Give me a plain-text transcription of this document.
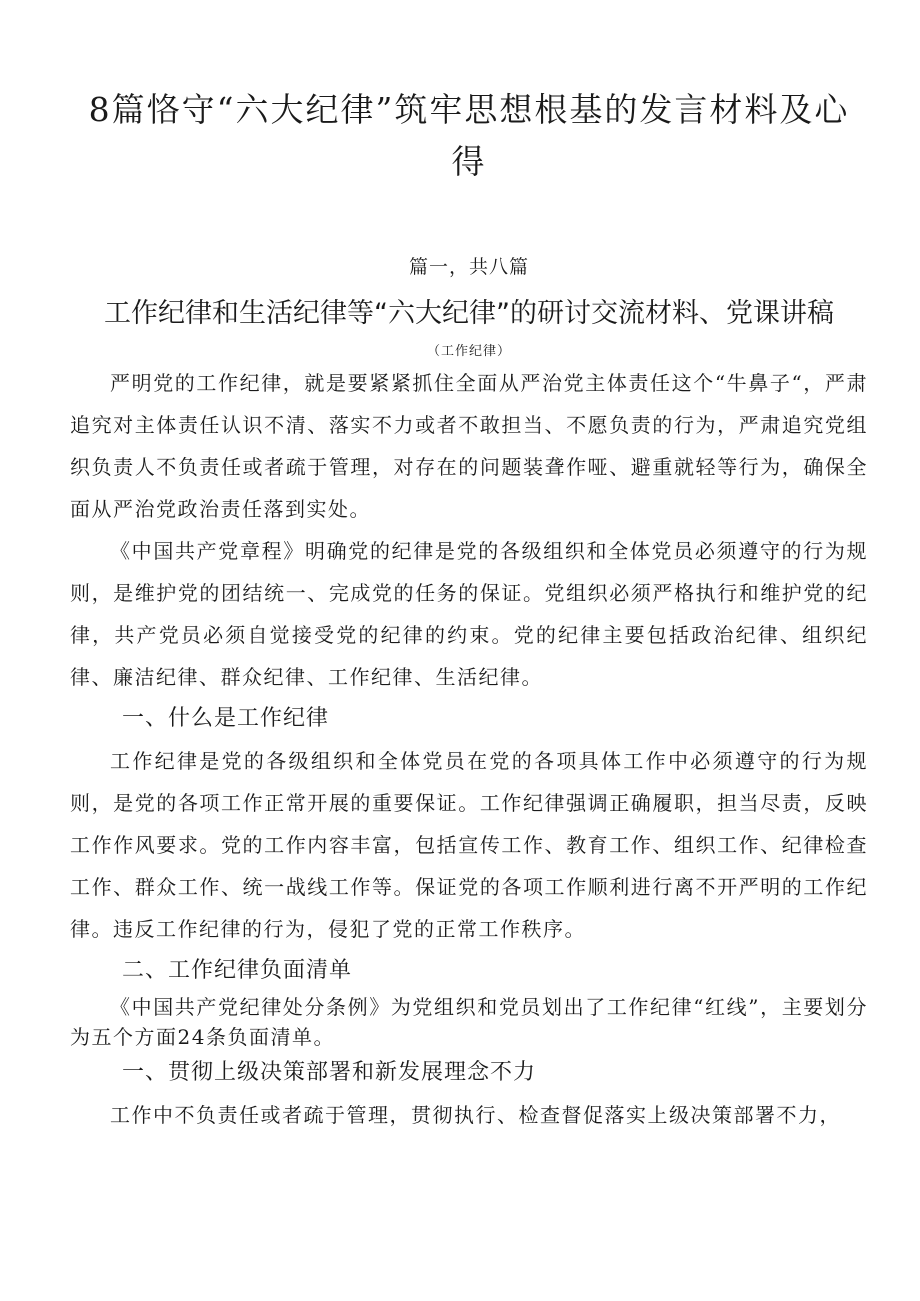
8篇恪守“六大纪律”筑牢思想根基的发言材料及心得
篇一，共八篇
工作纪律和生活纪律等“六大纪律”的研讨交流材料、党课讲稿
（工作纪律）

严明党的工作纪律，就是要紧紧抓住全面从严治党主体责任这个“牛鼻子“，严肃追究对主体责任认识不清、落实不力或者不敢担当、不愿负责的行为，严肃追究党组织负责人不负责任或者疏于管理，对存在的问题装聋作哑、避重就轻等行为，确保全面从严治党政治责任落到实处。

《中国共产党章程》明确党的纪律是党的各级组织和全体党员必须遵守的行为规则，是维护党的团结统一、完成党的任务的保证。党组织必须严格执行和维护党的纪律，共产党员必须自觉接受党的纪律的约束。党的纪律主要包括政治纪律、组织纪律、廉洁纪律、群众纪律、工作纪律、生活纪律。

一、什么是工作纪律

工作纪律是党的各级组织和全体党员在党的各项具体工作中必须遵守的行为规则，是党的各项工作正常开展的重要保证。工作纪律强调正确履职，担当尽责，反映工作作风要求。党的工作内容丰富，包括宣传工作、教育工作、组织工作、纪律检查工作、群众工作、统一战线工作等。保证党的各项工作顺利进行离不开严明的工作纪律。违反工作纪律的行为，侵犯了党的正常工作秩序。

二、工作纪律负面清单

《中国共产党纪律处分条例》为党组织和党员划出了工作纪律“红线”，主要划分为五个方面24条负面清单。

一、贯彻上级决策部署和新发展理念不力

工作中不负责任或者疏于管理，贯彻执行、检查督促落实上级决策部署不力，
